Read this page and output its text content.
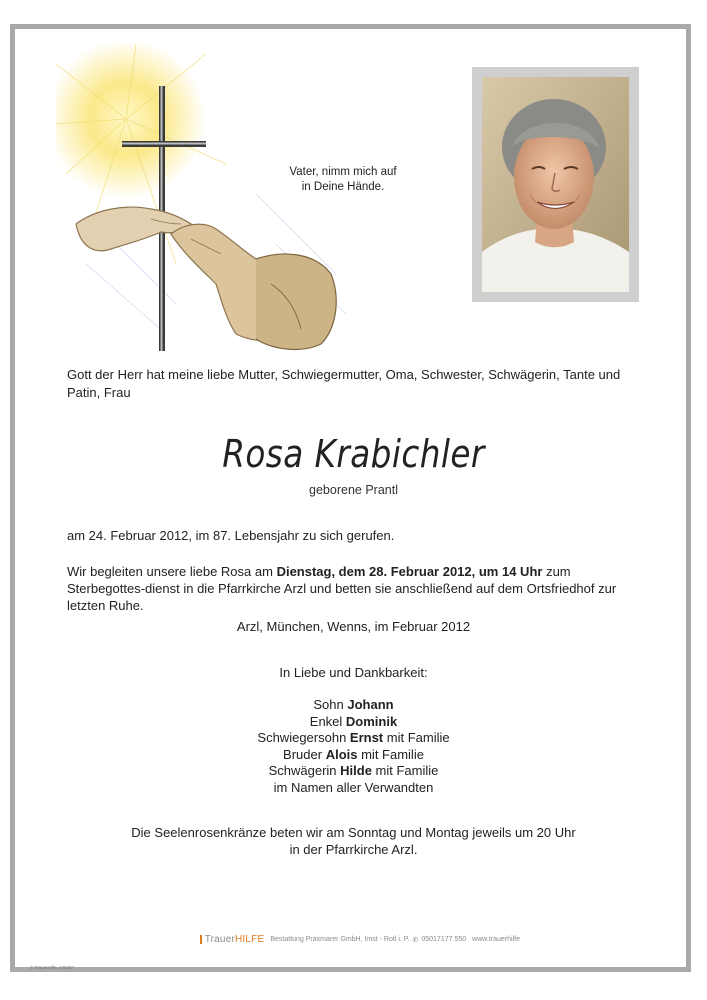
Vater, nimm mich auf
in Deine Hände.
Gott der Herr hat meine liebe Mutter, Schwiegermutter, Oma, Schwester, Schwägerin, Tante und Patin, Frau
Rosa Krabichler
geborene Prantl
am 24. Februar 2012, im 87. Lebensjahr zu sich gerufen.
Wir begleiten unsere liebe Rosa am Dienstag, dem 28. Februar 2012, um 14 Uhr zum Sterbegottes-dienst in die Pfarrkirche Arzl und betten sie anschließend auf dem Ortsfriedhof zur letzten Ruhe.
Arzl, München, Wenns, im Februar 2012
In Liebe und Dankbarkeit:
Sohn Johann
Enkel Dominik
Schwiegersohn Ernst mit Familie
Bruder Alois mit Familie
Schwägerin Hilde mit Familie
im Namen aller Verwandten
Die Seelenrosenkränze beten wir am Sonntag und Montag jeweils um 20 Uhr
in der Pfarrkirche Arzl.
TrauerHILFE Bestattung Praxmarer GmbH, Imst - Rotl i. P. ✆ 05017177 550 www.trauerhilfe
© TrauerHilfe „Hände"
